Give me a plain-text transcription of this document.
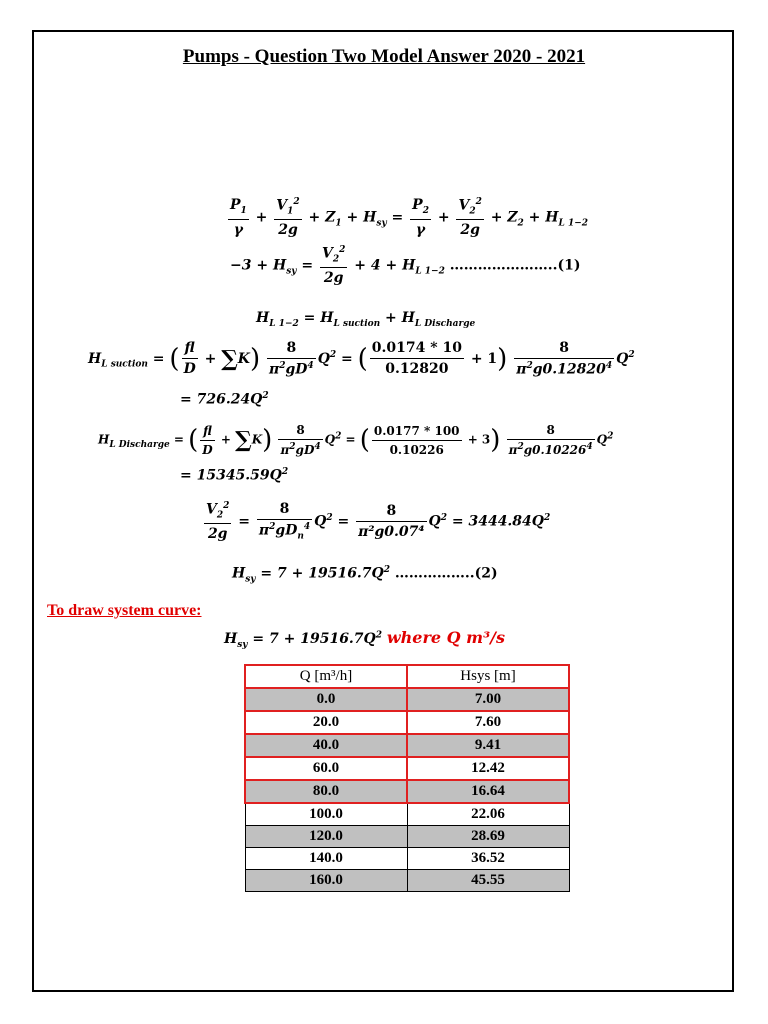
Pumps - Question Two Model Answer 2020 - 2021
$\frac{P_1}{\gamma} + \frac{V_1^2}{2g} + Z_1 + H_{sy} = \frac{P_2}{\gamma} + \frac{V_2^2}{2g} + Z_2 + H_{L 1-2}$
$-3 + H_{sy} = \frac{V_2^2}{2g} + 4 + H_{L 1-2}$ …………………..(1)
$H_{L 1-2} = H_{L suction} + H_{L Discharge}$
$H_{L suction}$ = ( $\frac{fl}{D} + \sum K) \frac{8}{\pi^2gD^4} Q^2$ = ( $\frac{0.0174 * 10}{0.12820} + 1) \frac{8}{\pi^2g0.12820^4} Q^2$
= $726.24Q^2$
$H_{L Discharge}$ = ( $\frac{fl}{D} + \sum K) \frac{8}{\pi^2gD^4} Q^2$ = ( $\frac{0.0177 * 100}{0.10226} + 3) \frac{8}{\pi^2g0.10226^4} Q^2$
= $15345.59Q^2$
$\frac{V_2^2}{2g} = \frac{8}{\pi^2gD_n^4} Q^2 = \frac{8}{\text{π²g0.07⁴}} Q^2 = 3444.84Q^2$
$H_{sy} = 7 + 19516.7Q^2$ ……………..(2)
To draw system curve:
$H_{sy} = 7 + 19516.7Q^2$ where Q m³/s
Q [m³/h]	Hsys [m]
0.0	7.00
20.0	7.60
40.0	9.41
60.0	12.42
80.0	16.64
100.0	22.06
120.0	28.69
140.0	36.52
160.0	45.55
